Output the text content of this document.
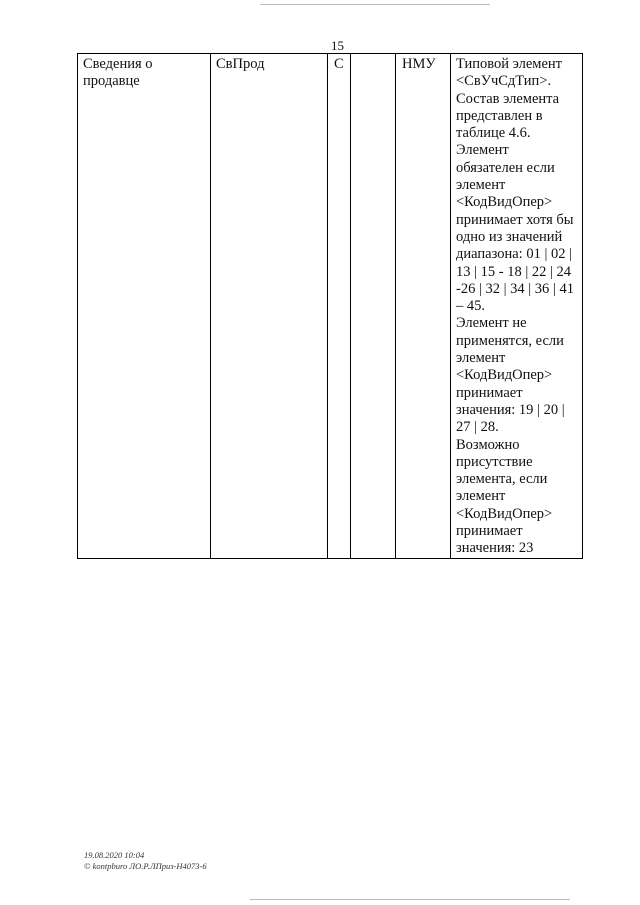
15
Сведения о продавце	СвПрод	С		НМУ	Типовой элемент
<СвУчСдТип>.
Состав элемента
представлен в
таблице 4.6.
Элемент
обязателен если
элемент
<КодВидОпер>
принимает хотя бы
одно из значений
диапазона: 01 | 02 |
13 | 15 - 18 | 22 | 24
-26 | 32 | 34 | 36 | 41
– 45.
Элемент не
применятся, если
элемент
<КодВидОпер>
принимает
значения: 19 | 20 |
27 | 28.
Возможно
присутствие
элемента, если
элемент
<КодВидОпер>
принимает
значения: 23
19.08.2020 10:04
© kontpburo ЛО.Р.ЛПриз-Н4073-6
